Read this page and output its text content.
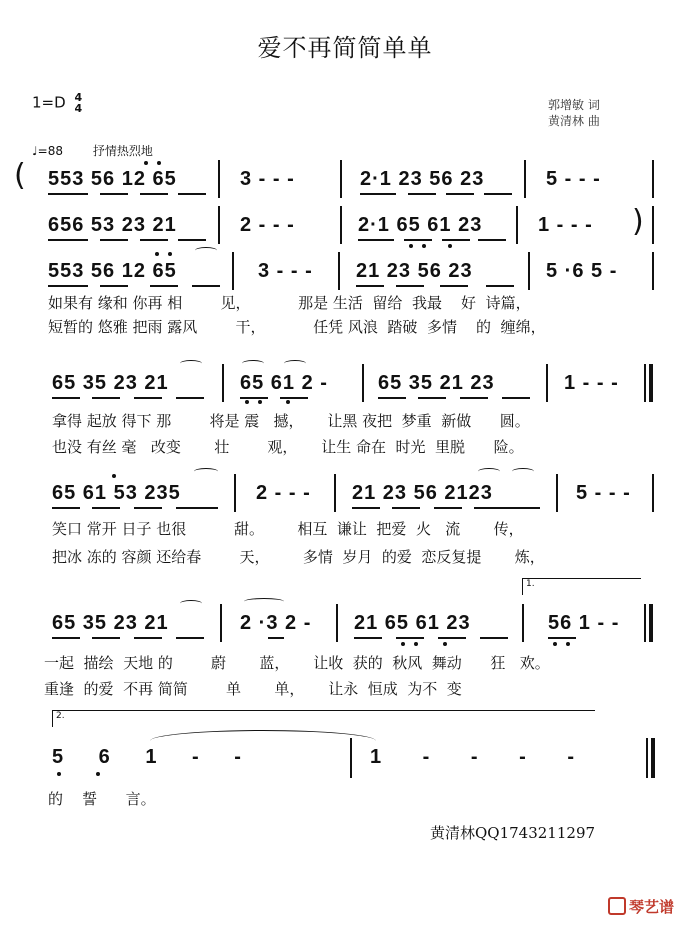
爱不再简简单单
1=D 4
4	郭增敏 词
黄清林 曲
♩=88 抒情热烈地
( 553 56 12 65	3 - - -	2·1 23 56 23	5 - - -
656 53 23 21	2 - - -	2·1 65 61 23	1 - - - )
553 56 12 65	3 - - - 21 23 56 23	5 ·6 5 -
如果有 缘和 你再 相        见，          那是 生活  留给  我最    好  诗篇，
短暂的 悠雅 把雨 露风        干，          任凭 风浪  踏破  多情    的  缠绵，
65 35 23 21	65 61 2 -	65 35 21 23	1 - - -
拿得 起放 得下 那        将是 震   撼，     让黑 夜把  梦重  新做      圆。
也没 有丝 毫   改变       壮        观，     让生 命在  时光  里脱      险。
65 61 53 235	2 - - - 21 23 56 2123	5 - - -
笑口 常开 日子 也很          甜。       相互  谦让  把爱  火   流       传，
把冰 冻的 容颜 还给春        天，       多情  岁月  的爱  恋反复提       炼，
1.
65 35 23 21	2 ·3 2 - 21 65 61 23	56 1 - -
一起  描绘  天地 的        蔚       蓝，     让收  获的  秋风  舞动      狂   欢。
重逢  的爱  不再 简简        单       单，     让永  恒成  为不  变
2.
5 6 1 - -	1 - - - -
的    誓      言。
黄清林QQ1743211297
琴艺谱
